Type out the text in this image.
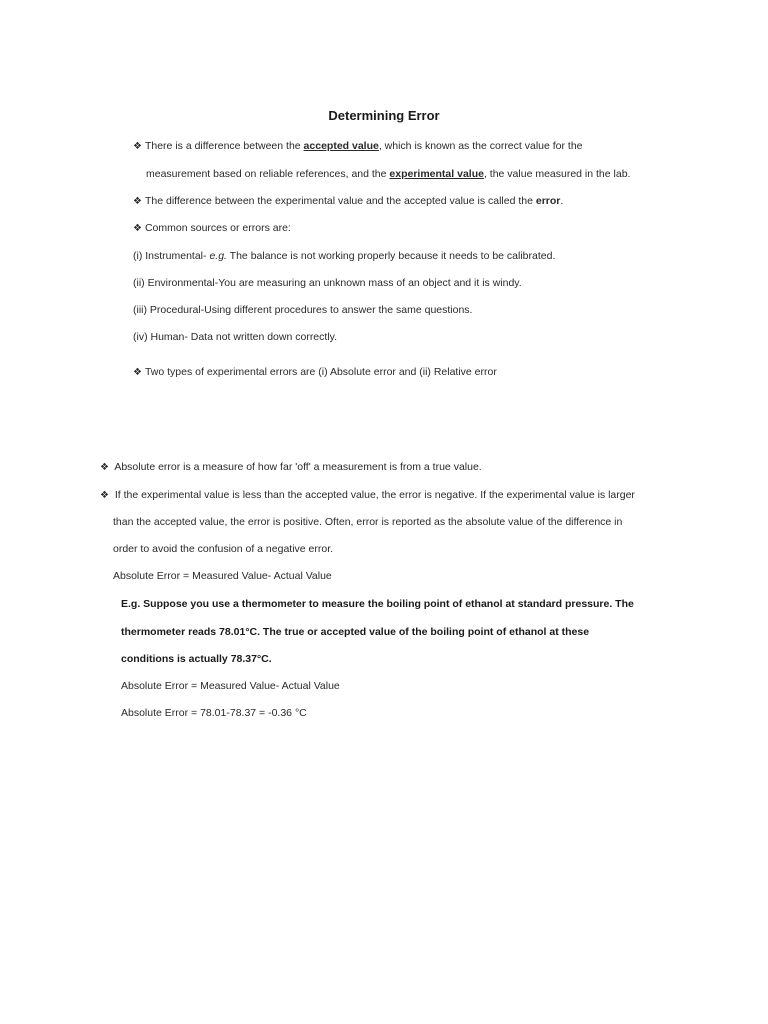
Determining Error
❖ There is a difference between the accepted value, which is known as the correct value for the
measurement based on reliable references, and the experimental value, the value measured in the lab.
❖ The difference between the experimental value and the accepted value is called the error.
❖ Common sources or errors are:
(i) Instrumental- e.g. The balance is not working properly because it needs to be calibrated.
(ii) Environmental-You are measuring an unknown mass of an object and it is windy.
(iii) Procedural-Using different procedures to answer the same questions.
(iv) Human- Data not written down correctly.
❖ Two types of experimental errors are (i) Absolute error and (ii) Relative error
❖ Absolute error is a measure of how far 'off' a measurement is from a true value.
❖ If the experimental value is less than the accepted value, the error is negative. If the experimental value is larger
than the accepted value, the error is positive. Often, error is reported as the absolute value of the difference in
order to avoid the confusion of a negative error.
Absolute Error = Measured Value- Actual Value
E.g. Suppose you use a thermometer to measure the boiling point of ethanol at standard pressure. The
thermometer reads 78.01°C. The true or accepted value of the boiling point of ethanol at these
conditions is actually 78.37°C.
Absolute Error = Measured Value- Actual Value
Absolute Error = 78.01-78.37 = -0.36 °C
